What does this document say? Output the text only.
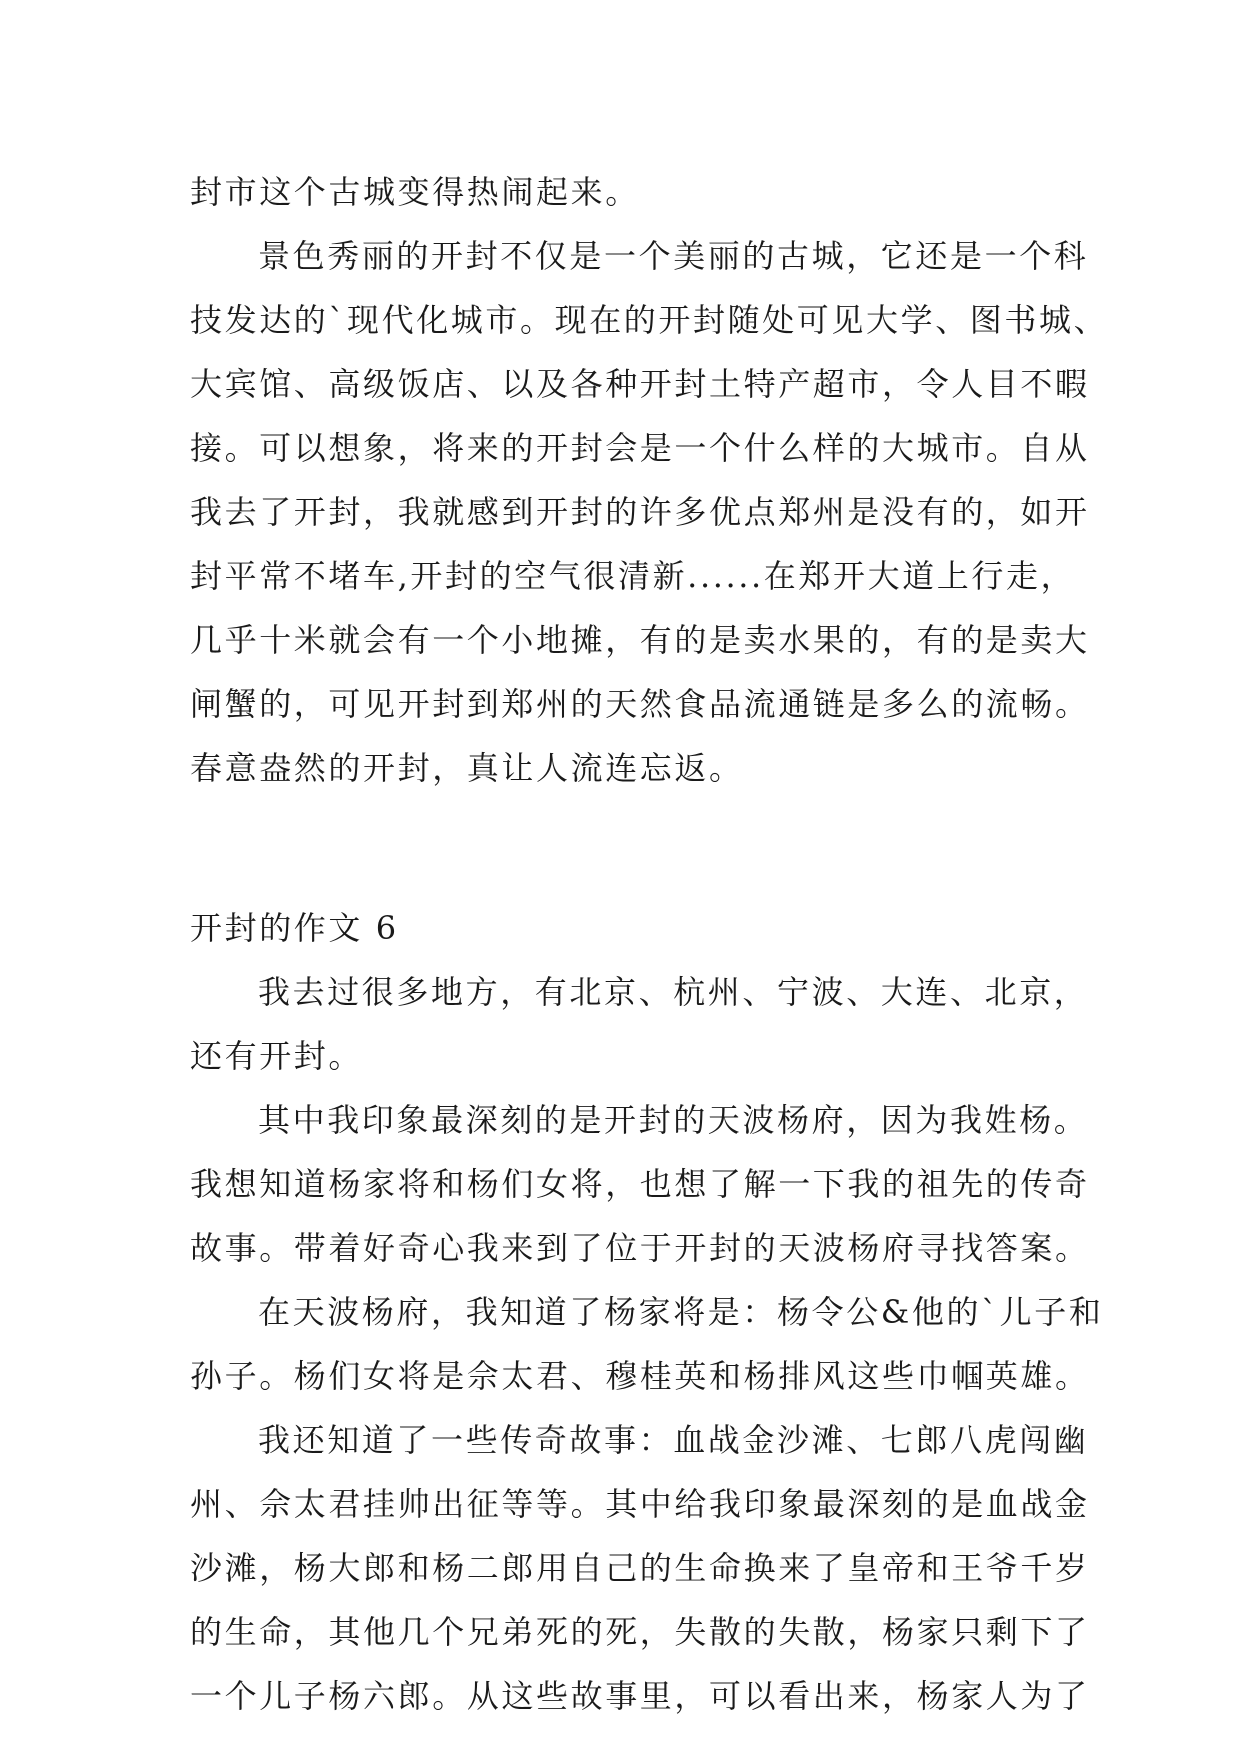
封市这个古城变得热闹起来。
景色秀丽的开封不仅是一个美丽的古城，它还是一个科
技发达的`现代化城市。现在的开封随处可见大学、图书城、
大宾馆、高级饭店、以及各种开封土特产超市，令人目不暇
接。可以想象，将来的开封会是一个什么样的大城市。自从
我去了开封，我就感到开封的许多优点郑州是没有的，如开
封平常不堵车,开封的空气很清新......在郑开大道上行走，
几乎十米就会有一个小地摊，有的是卖水果的，有的是卖大
闸蟹的，可见开封到郑州的天然食品流通链是多么的流畅。
春意盎然的开封，真让人流连忘返。
开封的作文 6
我去过很多地方，有北京、杭州、宁波、大连、北京，
还有开封。
其中我印象最深刻的是开封的天波杨府，因为我姓杨。
我想知道杨家将和杨们女将，也想了解一下我的祖先的传奇
故事。带着好奇心我来到了位于开封的天波杨府寻找答案。
在天波杨府，我知道了杨家将是：杨令公&他的`儿子和
孙子。杨们女将是佘太君、穆桂英和杨排风这些巾帼英雄。
我还知道了一些传奇故事：血战金沙滩、七郎八虎闯幽
州、佘太君挂帅出征等等。其中给我印象最深刻的是血战金
沙滩，杨大郎和杨二郎用自己的生命换来了皇帝和王爷千岁
的生命，其他几个兄弟死的死，失散的失散，杨家只剩下了
一个儿子杨六郎。从这些故事里，可以看出来，杨家人为了
